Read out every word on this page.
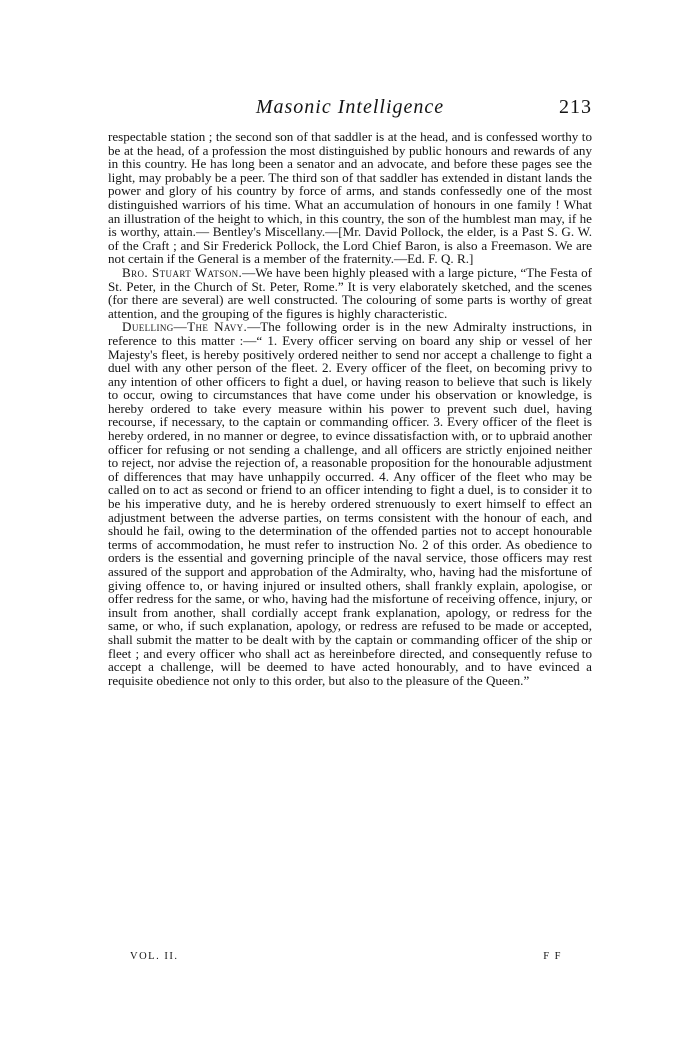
Masonic Intelligence	213

respectable station ; the second son of that saddler is at the head, and is confessed worthy to be at the head, of a profession the most distinguished by public honours and rewards of any in this country. He has long been a senator and an advocate, and before these pages see the light, may probably be a peer. The third son of that saddler has extended in distant lands the power and glory of his country by force of arms, and stands confessedly one of the most distinguished warriors of his time. What an accumulation of honours in one family ! What an illustration of the height to which, in this country, the son of the humblest man may, if he is worthy, attain.— Bentley's Miscellany.—[Mr. David Pollock, the elder, is a Past S. G. W. of the Craft ; and Sir Frederick Pollock, the Lord Chief Baron, is also a Freemason. We are not certain if the General is a member of the fraternity.—Ed. F. Q. R.]

Bro. Stuart Watson.—We have been highly pleased with a large picture, “The Festa of St. Peter, in the Church of St. Peter, Rome.” It is very elaborately sketched, and the scenes (for there are several) are well constructed. The colouring of some parts is worthy of great attention, and the grouping of the figures is highly characteristic.

Duelling—The Navy.—The following order is in the new Admiralty instructions, in reference to this matter :—“ 1. Every officer serving on board any ship or vessel of her Majesty's fleet, is hereby positively ordered neither to send nor accept a challenge to fight a duel with any other person of the fleet. 2. Every officer of the fleet, on becoming privy to any intention of other officers to fight a duel, or having reason to believe that such is likely to occur, owing to circumstances that have come under his observation or knowledge, is hereby ordered to take every measure within his power to prevent such duel, having recourse, if necessary, to the captain or commanding officer. 3. Every officer of the fleet is hereby ordered, in no manner or degree, to evince dissatisfaction with, or to upbraid another officer for refusing or not sending a challenge, and all officers are strictly enjoined neither to reject, nor advise the rejection of, a reasonable proposition for the honourable adjustment of differences that may have unhappily occurred. 4. Any officer of the fleet who may be called on to act as second or friend to an officer intending to fight a duel, is to consider it to be his imperative duty, and he is hereby ordered strenuously to exert himself to effect an adjustment between the adverse parties, on terms consistent with the honour of each, and should he fail, owing to the determination of the offended parties not to accept honourable terms of accommodation, he must refer to instruction No. 2 of this order. As obedience to orders is the essential and governing principle of the naval service, those officers may rest assured of the support and approbation of the Admiralty, who, having had the misfortune of giving offence to, or having injured or insulted others, shall frankly explain, apologise, or offer redress for the same, or who, having had the misfortune of receiving offence, injury, or insult from another, shall cordially accept frank explanation, apology, or redress for the same, or who, if such explanation, apology, or redress are refused to be made or accepted, shall submit the matter to be dealt with by the captain or commanding officer of the ship or fleet ; and every officer who shall act as hereinbefore directed, and consequently refuse to accept a challenge, will be deemed to have acted honourably, and to have evinced a requisite obedience not only to this order, but also to the pleasure of the Queen.”

VOL. II.	F F
